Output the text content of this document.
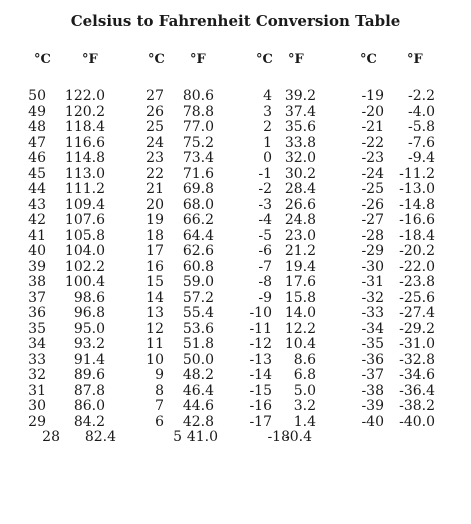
Celsius to Fahrenheit Conversion Table
°C °F
50 122.0
49 120.2
48 118.4
47 116.6
46 114.8
45 113.0
44 111.2
43 109.4
42 107.6
41 105.8
40 104.0
39 102.2
38 100.4
37 98.6
36 96.8
35 95.0
34 93.2
33 91.4
32 89.6
31 87.8
30 86.0
29 84.2
28 82.4
°C °F
27 80.6
26 78.8
25 77.0
24 75.2
23 73.4
22 71.6
21 69.8
20 68.0
19 66.2
18 64.4
17 62.6
16 60.8
15 59.0
14 57.2
13 55.4
12 53.6
11 51.8
10 50.0
9 48.2
8 46.4
7 44.6
6 42.8
5 41.0
°C °F
4 39.2
3 37.4
2 35.6
1 33.8
0 32.0
-1 30.2
-2 28.4
-3 26.6
-4 24.8
-5 23.0
-6 21.2
-7 19.4
-8 17.6
-9 15.8
-10 14.0
-11 12.2
-12 10.4
-13 8.6
-14 6.8
-15 5.0
-16 3.2
-17 1.4
-18
-0.4
°C °F
-19 -2.2
-20 -4.0
-21 -5.8
-22 -7.6
-23 -9.4
-24 -11.2
-25 -13.0
-26 -14.8
-27 -16.6
-28 -18.4
-29 -20.2
-30 -22.0
-31 -23.8
-32 -25.6
-33 -27.4
-34 -29.2
-35 -31.0
-36 -32.8
-37 -34.6
-38 -36.4
-39 -38.2
-40 -40.0
